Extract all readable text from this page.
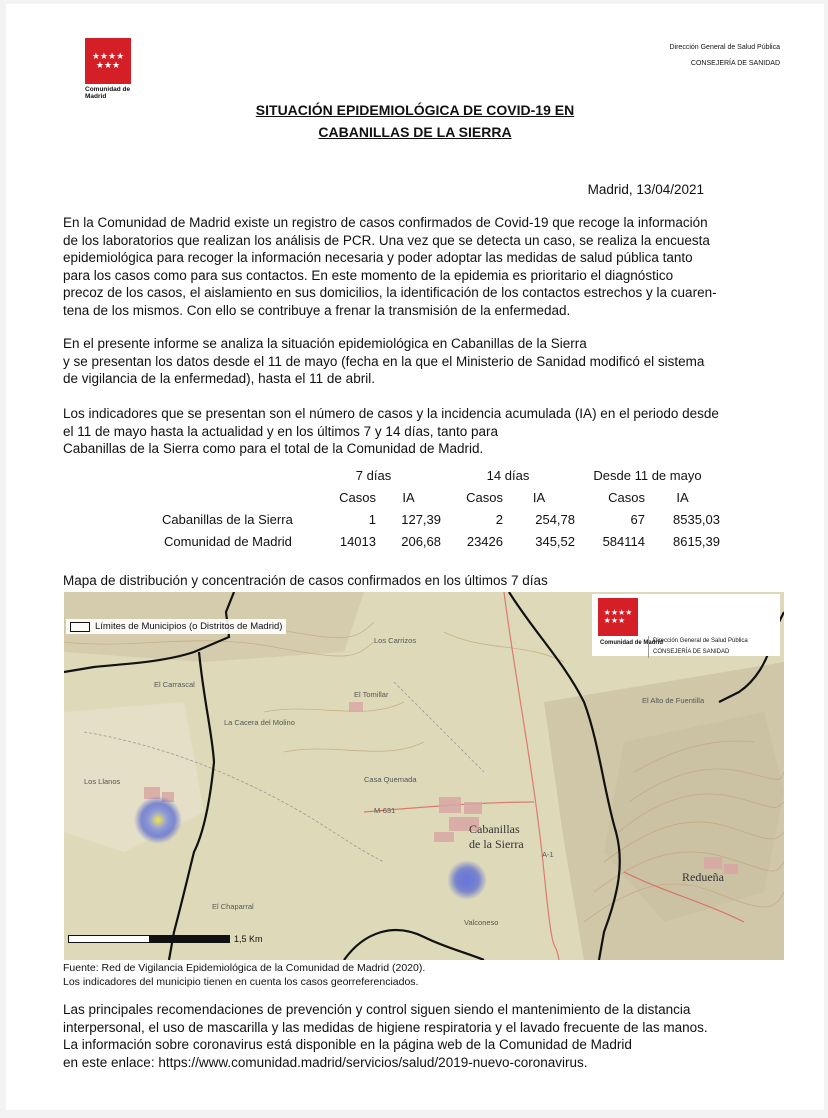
★★★★
★★★
Comunidad de Madrid
Dirección General de Salud Pública
CONSEJERÍA DE SANIDAD
SITUACIÓN EPIDEMIOLÓGICA DE COVID-19 EN
CABANILLAS DE LA SIERRA
Madrid, 13/04/2021

En la Comunidad de Madrid existe un registro de casos confirmados de Covid-19 que recoge la información
de los laboratorios que realizan los análisis de PCR. Una vez que se detecta un caso, se realiza la encuesta
epidemiológica para recoger la información necesaria y poder adoptar las medidas de salud pública tanto
para los casos como para sus contactos. En este momento de la epidemia es prioritario el diagnóstico
precoz de los casos, el aislamiento en sus domicilios, la identificación de los contactos estrechos y la cuaren-
tena de los mismos. Con ello se contribuye a frenar la transmisión de la enfermedad.

En el presente informe se analiza la situación epidemiológica en Cabanillas de la Sierra
y se presentan los datos desde el 11 de mayo (fecha en la que el Ministerio de Sanidad modificó el sistema
de vigilancia de la enfermedad), hasta el 11 de abril.

Los indicadores que se presentan son el número de casos y la incidencia acumulada (IA) en el periodo desde
el 11 de mayo hasta la actualidad y en los últimos 7 y 14 días, tanto para
Cabanillas de la Sierra como para el total de la Comunidad de Madrid.

	7 días		14 días		Desde 11 de mayo	
	Casos	IA	Casos	IA	Casos	IA
Cabanillas de la Sierra	1	127,39	2	254,78	67	8535,03
Comunidad de Madrid	14013	206,68	23426	345,52	584114	8615,39
Mapa de distribución y concentración de casos confirmados en los últimos 7 días
Límites de Municipios (o Distritos de Madrid)
★★★★
★★★
Comunidad de Madrid
Dirección General de Salud Pública
CONSEJERÍA DE SANIDAD
Cabanillas
de la Sierra
Redueña
Los Llanos
La Cacera del Molino
El Carrascal
El Chaparral
Valconeso
Los Carrizos
El Alto de Fuentilla
El Tomillar
M-631
A-1
Casa Quemada
1,5
Km
Fuente: Red de Vigilancia Epidemiológica de la Comunidad de Madrid (2020).
Los indicadores del municipio tienen en cuenta los casos georreferenciados.

Las principales recomendaciones de prevención y control siguen siendo el mantenimiento de la distancia
interpersonal, el uso de mascarilla y las medidas de higiene respiratoria y el lavado frecuente de las manos.
La información sobre coronavirus está disponible en la página web de la Comunidad de Madrid
en este enlace: https://www.comunidad.madrid/servicios/salud/2019-nuevo-coronavirus.
